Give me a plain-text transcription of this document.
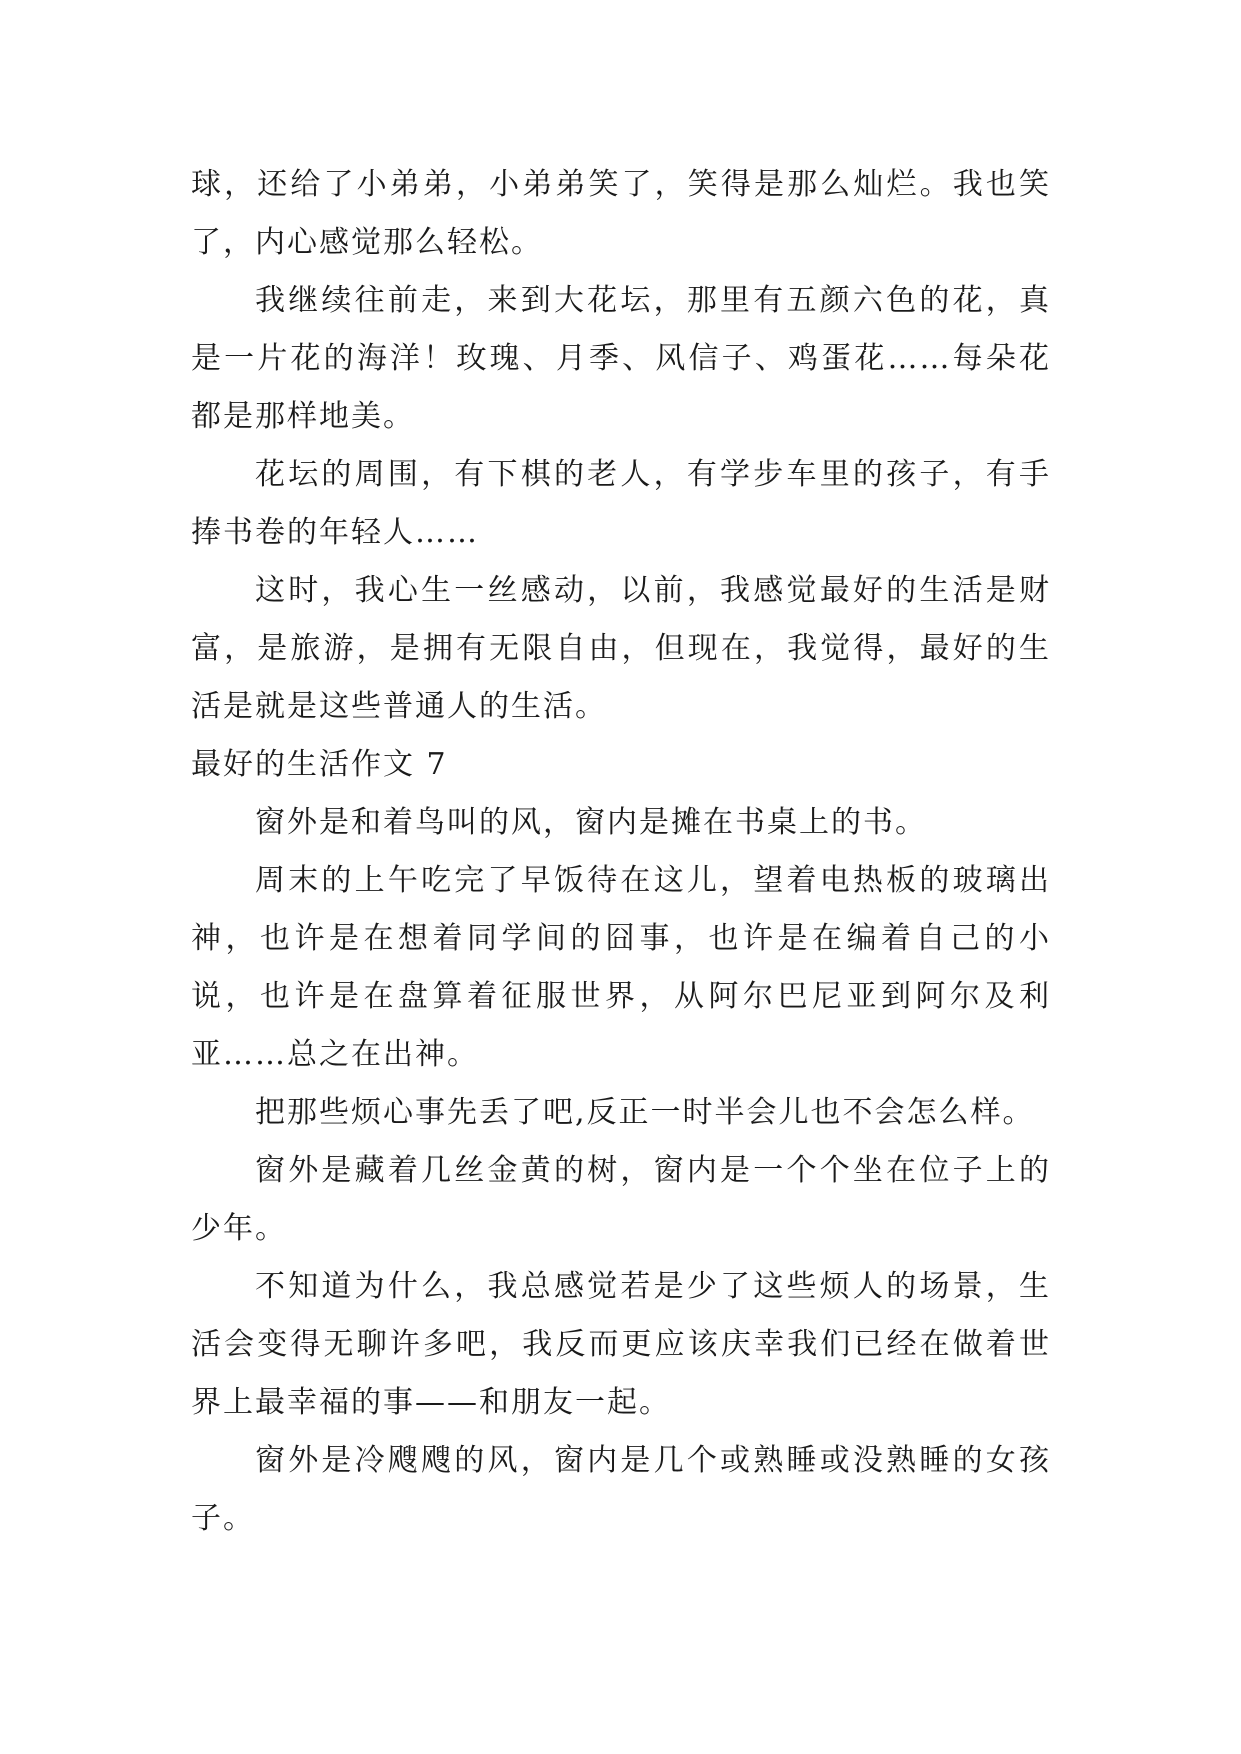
球，还给了小弟弟，小弟弟笑了，笑得是那么灿烂。我也笑了，内心感觉那么轻松。

我继续往前走，来到大花坛，那里有五颜六色的花，真是一片花的海洋！玫瑰、月季、风信子、鸡蛋花……每朵花都是那样地美。

花坛的周围，有下棋的老人，有学步车里的孩子，有手捧书卷的年轻人……

这时，我心生一丝感动，以前，我感觉最好的生活是财富，是旅游，是拥有无限自由，但现在，我觉得，最好的生活是就是这些普通人的生活。

最好的生活作文 7

窗外是和着鸟叫的风，窗内是摊在书桌上的书。

周末的上午吃完了早饭待在这儿，望着电热板的玻璃出神，也许是在想着同学间的囧事，也许是在编着自己的小说，也许是在盘算着征服世界，从阿尔巴尼亚到阿尔及利亚……总之在出神。

把那些烦心事先丢了吧,反正一时半会儿也不会怎么样。

窗外是藏着几丝金黄的树，窗内是一个个坐在位子上的少年。

不知道为什么，我总感觉若是少了这些烦人的场景，生活会变得无聊许多吧，我反而更应该庆幸我们已经在做着世界上最幸福的事——和朋友一起。

窗外是冷飕飕的风，窗内是几个或熟睡或没熟睡的女孩子。
